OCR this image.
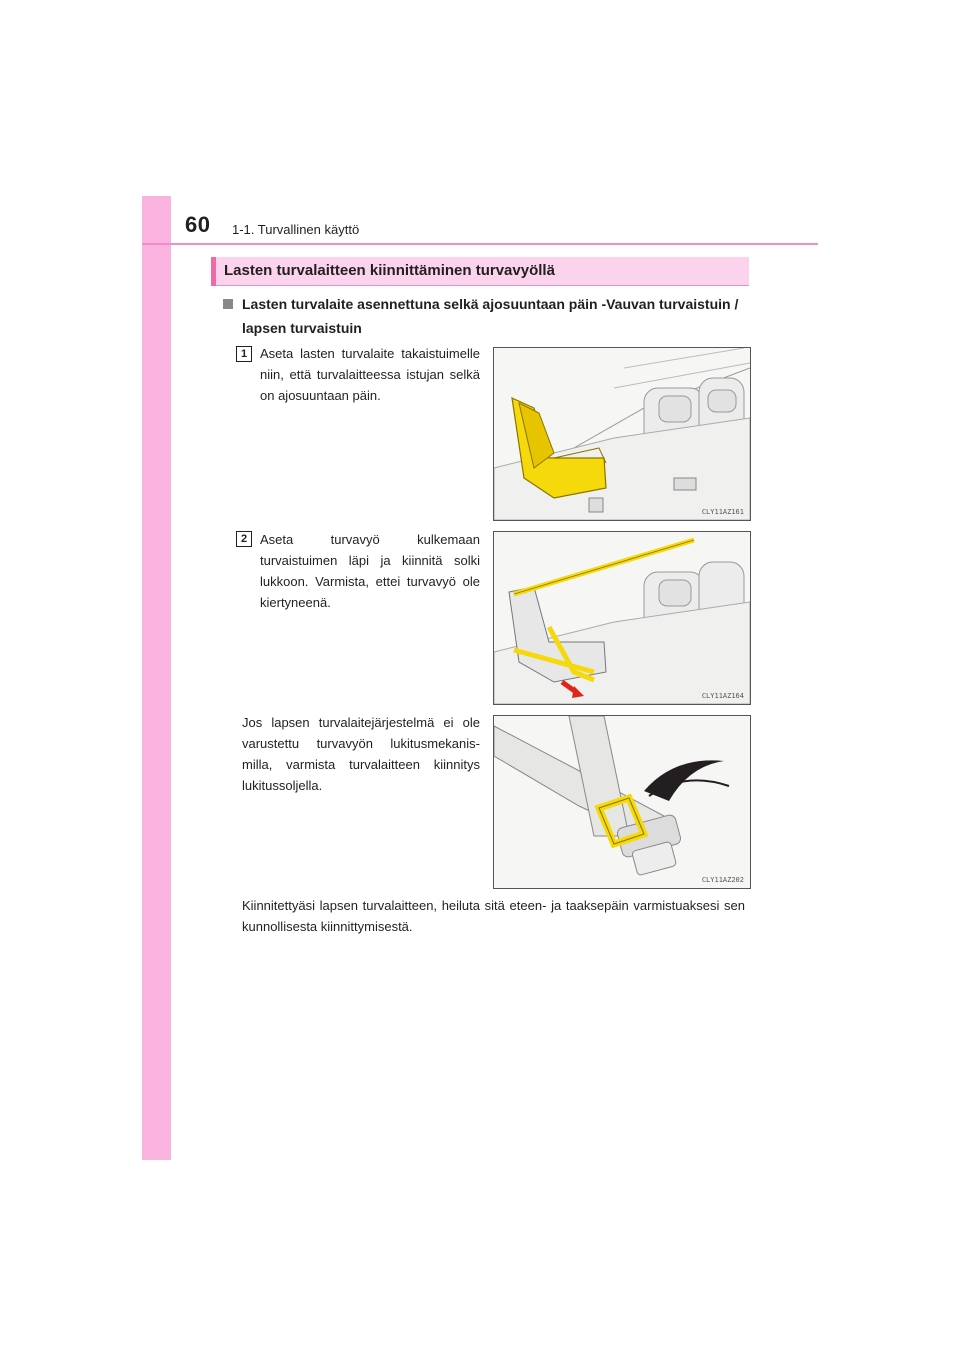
60 1-1. Turvallinen käyttö
Lasten turvalaitteen kiinnittäminen turvavyöllä
Lasten turvalaite asennettuna selkä ajosuuntaan päin -Vauvan turvaistuin / lapsen turvaistuin
1 Aseta lasten turvalaite takaistuimelle niin, että turvalaitteessa istujan selkä on ajosuuntaan päin.
CLY11AZ161
2 Aseta turvavyö kulkemaan turvaistuimen läpi ja kiinnitä solki lukkoon. Varmista, ettei turvavyö ole kiertyneenä.
CLY11AZ164
Jos lapsen turvalaitejärjestelmä ei ole varustettu turvavyön lukitusmekanis-milla, varmista turvalaitteen kiinnitys lukitussoljella.
CLY11AZ202
Kiinnitettyäsi lapsen turvalaitteen, heiluta sitä eteen- ja taaksepäin varmistuaksesi sen kunnollisesta kiinnittymisestä.
